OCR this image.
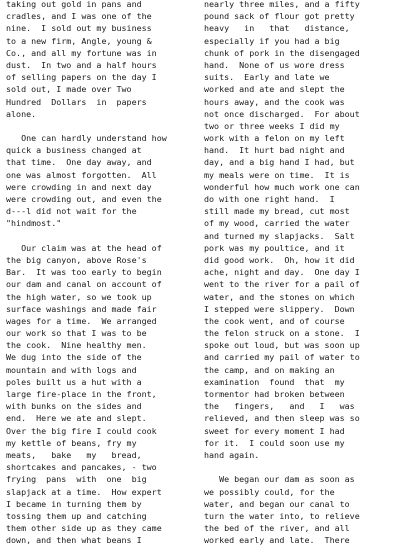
taking out gold in pans and
cradles, and I was one of the
nine.  I sold out my business
to a new firm, Angle, young &
Co., and all my fortune was in
dust.  In two and a half hours
of selling papers on the day I
sold out, I made over Two
Hundred  Dollars  in  papers
alone.
One can hardly understand how
quick a business changed at
that time.  One day away, and
one was almost forgotten.  All
were crowding in and next day
were crowding out, and even the
d---l did not wait for the
"hindmost."
Our claim was at the head of
the big canyon, above Rose's
Bar.  It was too early to begin
our dam and canal on account of
the high water, so we took up
surface washings and made fair
wages for a time.  We arranged
our work so that I was to be
the cook.  Nine healthy men.
We dug into the side of the
mountain and with logs and
poles built us a hut with a
large fire-place in the front,
with bunks on the sides and
end.  Here we ate and slept.
Over the big fire I could cook
my kettle of beans, fry my
meats,   bake   my   bread,
shortcakes and pancakes, - two
frying  pans  with  one  big
slapjack at a time.  How expert
I became in turning them by
tossing them up and catching
them other side up as they came
down, and then what beans I
nearly three miles, and a fifty
pound sack of flour got pretty
heavy   in   that   distance,
especially if you had a big
chunk of pork in the disengaged
hand.  None of us wore dress
suits.  Early and late we
worked and ate and slept the
hours away, and the cook was
not once discharged.  For about
two or three weeks I did my
work with a felon on my left
hand.  It hurt bad night and
day, and a big hand I had, but
my meals were on time.  It is
wonderful how much work one can
do with one right hand.  I
still made my bread, cut most
of my wood, carried the water
and turned my slapjacks.  Salt
pork was my poultice, and it
did good work.  Oh, how it did
ache, night and day.  One day I
went to the river for a pail of
water, and the stones on which
I stepped were slippery.  Down
the cook went, and of course
the felon struck on a stone.  I
spoke out loud, but was soon up
and carried my pail of water to
the camp, and on making an
examination  found  that  my
tormentor had broken between
the   fingers,   and   I   was
relieved, and then sleep was so
sweet for every moment I had
for it.  I could soon use my
hand again.
We began our dam as soon as
we possibly could, for the
water, and began our canal to
turn the water into, to relieve
the bed of the river, and all
worked early and late.  There
